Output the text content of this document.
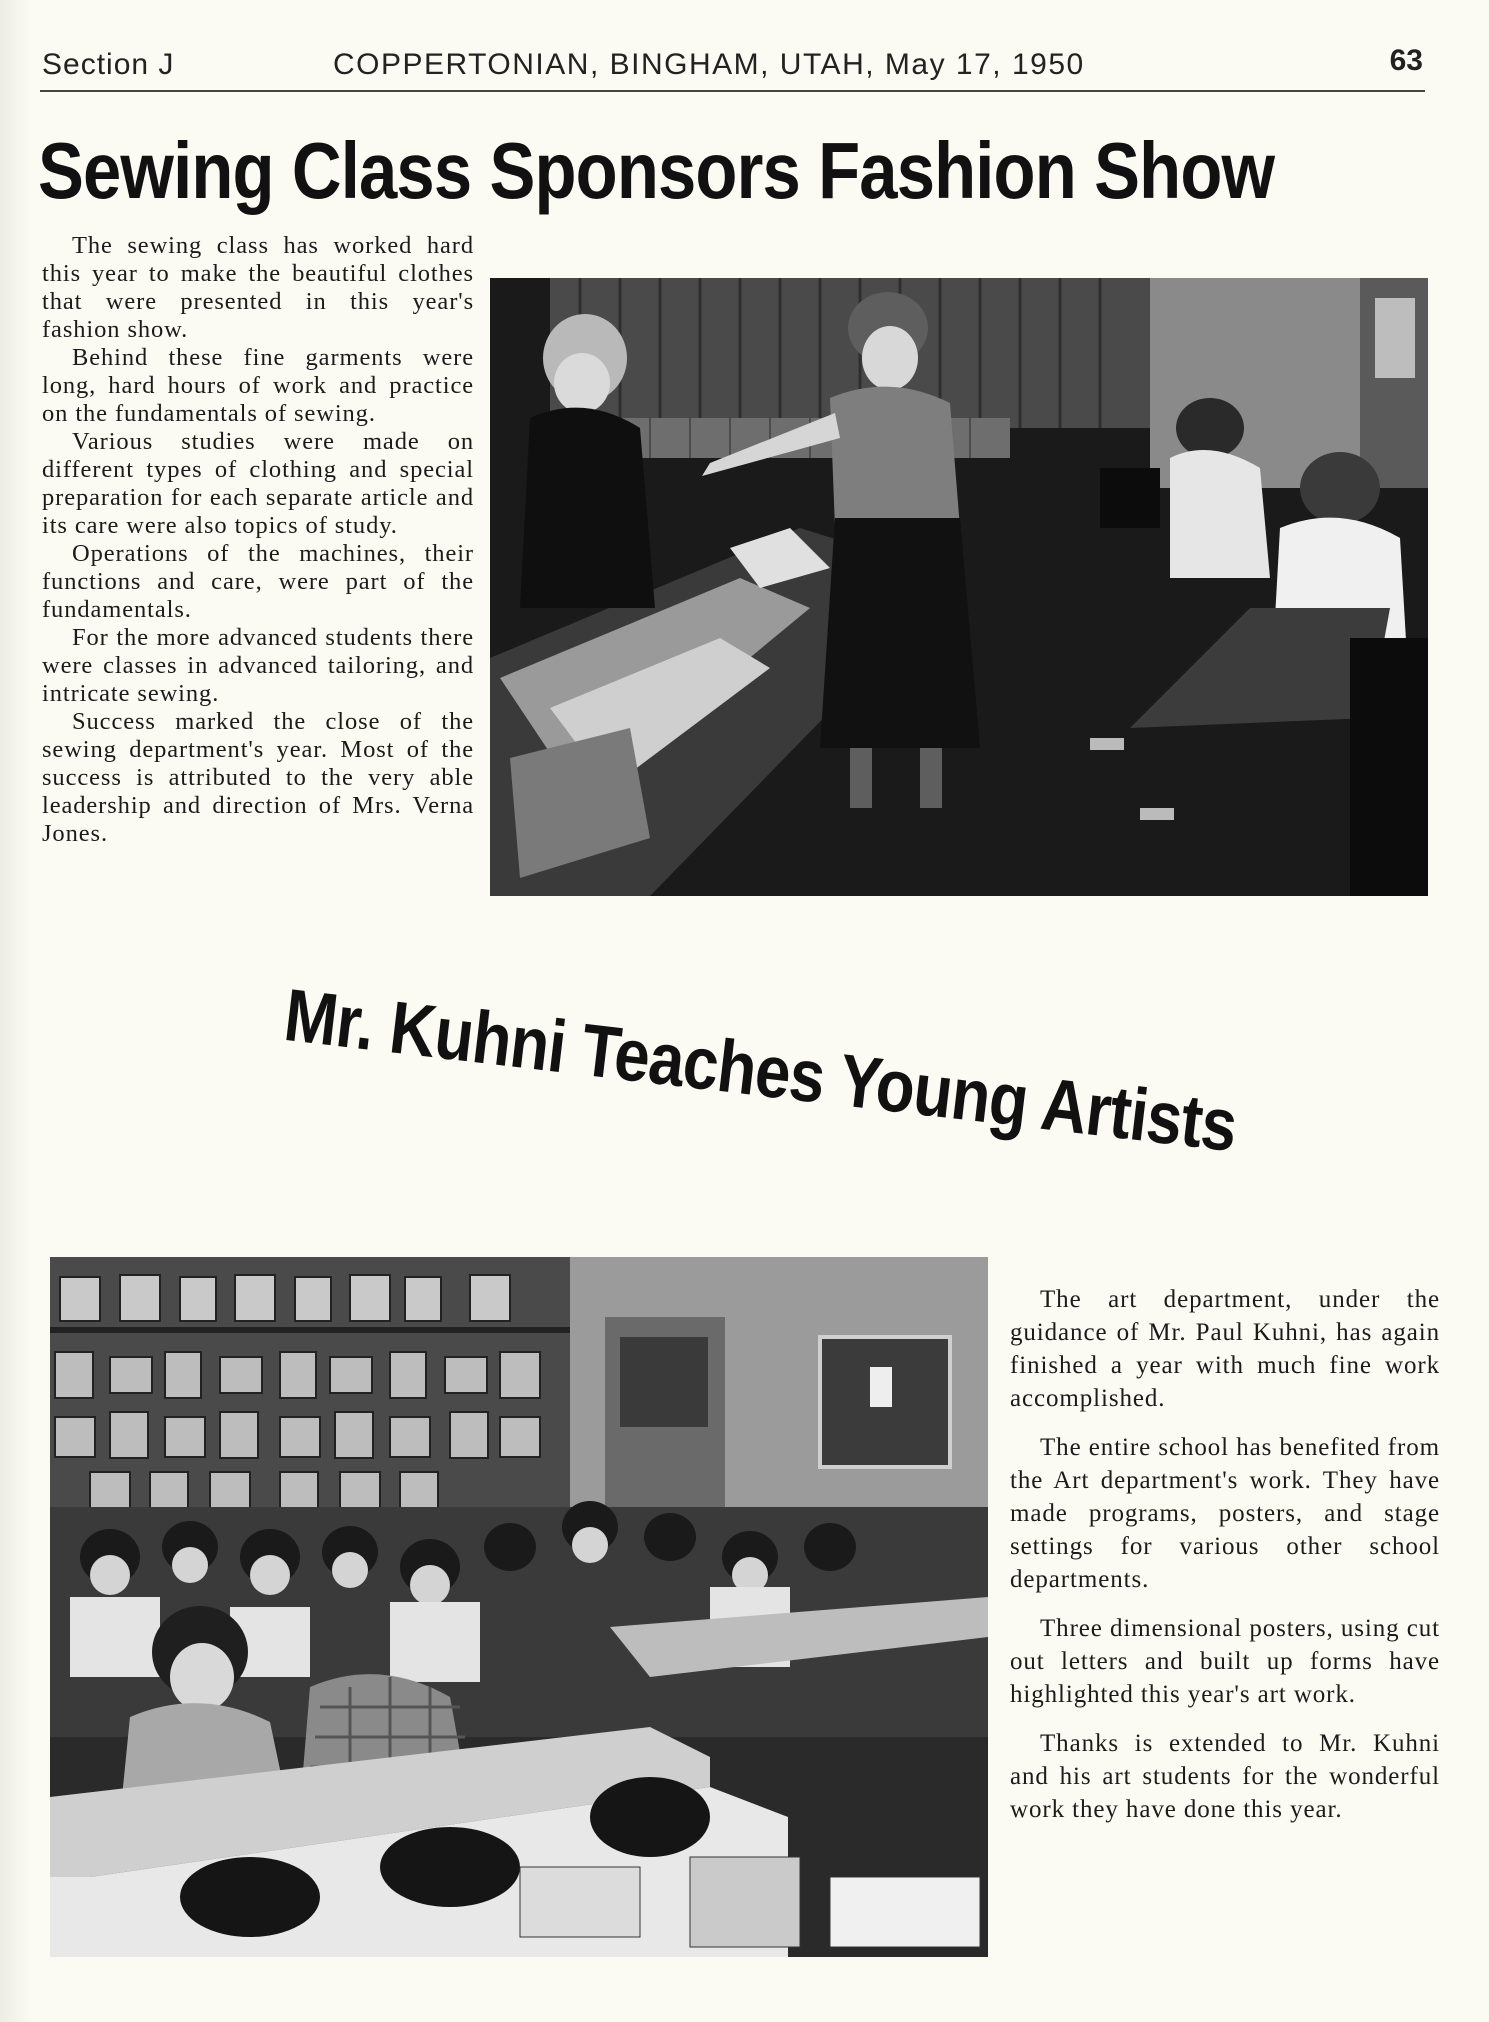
Section J	COPPERTONIAN, BINGHAM, UTAH, May 17, 1950	63
Sewing Class Sponsors Fashion Show

The sewing class has worked hard this year to make the beautiful clothes that were presented in this year's fashion show.

Behind these fine garments were long, hard hours of work and practice on the fundamentals of sewing.

Various studies were made on different types of clothing and special preparation for each separate article and its care were also topics of study.

Operations of the machines, their functions and care, were part of the fundamentals.

For the more advanced students there were classes in advanced tailoring, and intricate sewing.

Success marked the close of the sewing department's year. Most of the success is attributed to the very able leadership and direction of Mrs. Verna Jones.

Mr. Kuhni Teaches Young Artists

The art department, under the guidance of Mr. Paul Kuhni, has again finished a year with much fine work accomplished.

The entire school has benefited from the Art department's work. They have made programs, posters, and stage settings for various other school departments.

Three dimensional posters, using cut out letters and built up forms have highlighted this year's art work.

Thanks is extended to Mr. Kuhni and his art students for the wonderful work they have done this year.
